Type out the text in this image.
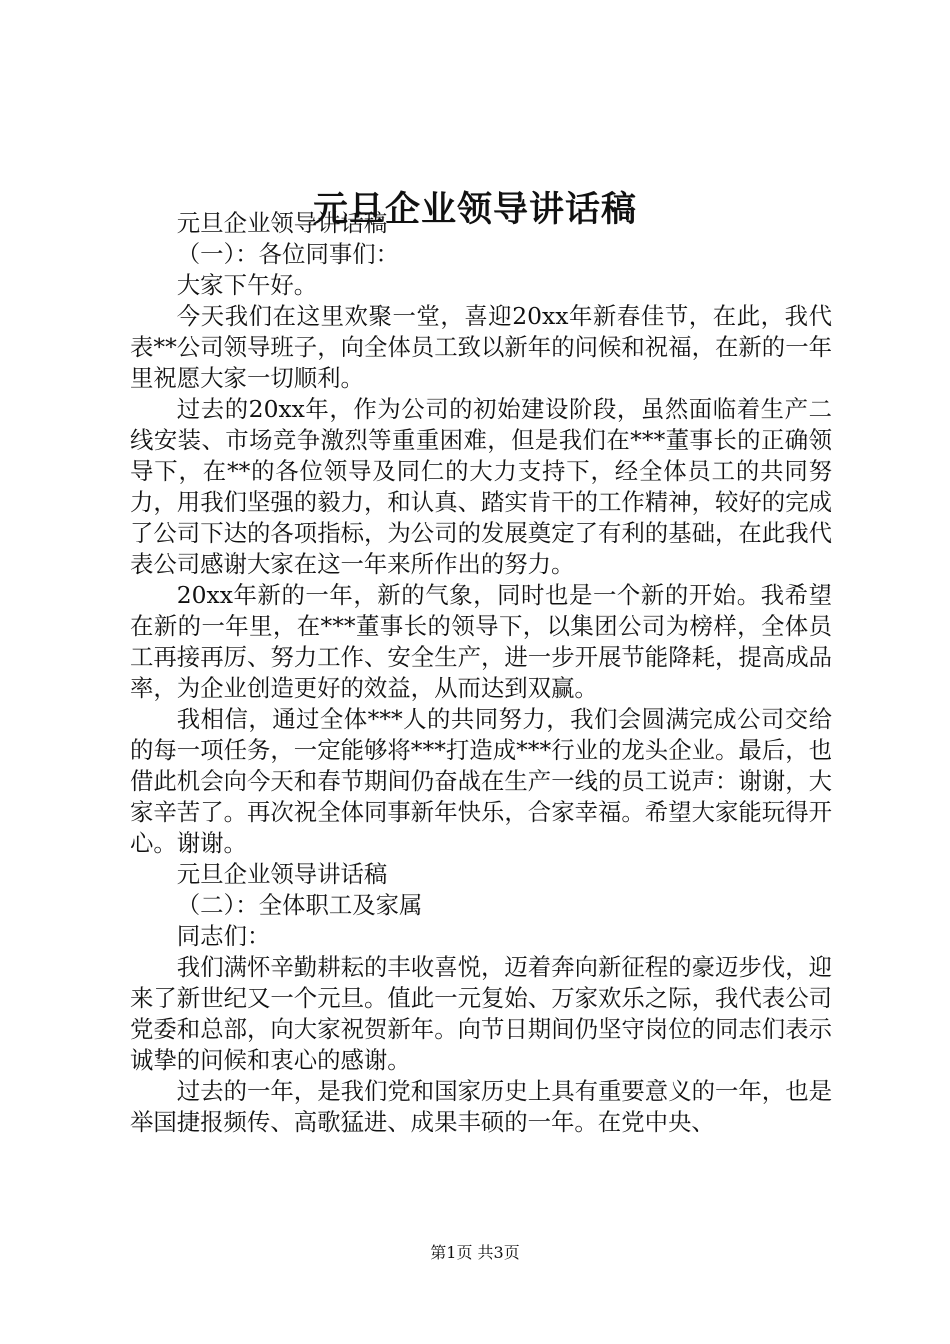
元旦企业领导讲话稿

元旦企业领导讲话稿

（一）：各位同事们：

大家下午好。

今天我们在这里欢聚一堂，喜迎20xx年新春佳节，在此，我代表**公司领导班子，向全体员工致以新年的问候和祝福，在新的一年里祝愿大家一切顺利。

过去的20xx年，作为公司的初始建设阶段，虽然面临着生产二线安装、市场竞争激烈等重重困难，但是我们在***董事长的正确领导下，在**的各位领导及同仁的大力支持下，经全体员工的共同努力，用我们坚强的毅力，和认真、踏实肯干的工作精神，较好的完成了公司下达的各项指标，为公司的发展奠定了有利的基础，在此我代表公司感谢大家在这一年来所作出的努力。

20xx年新的一年，新的气象，同时也是一个新的开始。我希望在新的一年里，在***董事长的领导下，以集团公司为榜样，全体员工再接再厉、努力工作、安全生产，进一步开展节能降耗，提高成品率，为企业创造更好的效益，从而达到双赢。

我相信，通过全体***人的共同努力，我们会圆满完成公司交给的每一项任务，一定能够将***打造成***行业的龙头企业。最后，也借此机会向今天和春节期间仍奋战在生产一线的员工说声：谢谢，大家辛苦了。再次祝全体同事新年快乐，合家幸福。希望大家能玩得开心。谢谢。

元旦企业领导讲话稿

（二）：全体职工及家属

同志们：

我们满怀辛勤耕耘的丰收喜悦，迈着奔向新征程的豪迈步伐，迎来了新世纪又一个元旦。值此一元复始、万家欢乐之际，我代表公司党委和总部，向大家祝贺新年。向节日期间仍坚守岗位的同志们表示诚挚的问候和衷心的感谢。

过去的一年，是我们党和国家历史上具有重要意义的一年，也是举国捷报频传、高歌猛进、成果丰硕的一年。在党中央、

第1页 共3页
